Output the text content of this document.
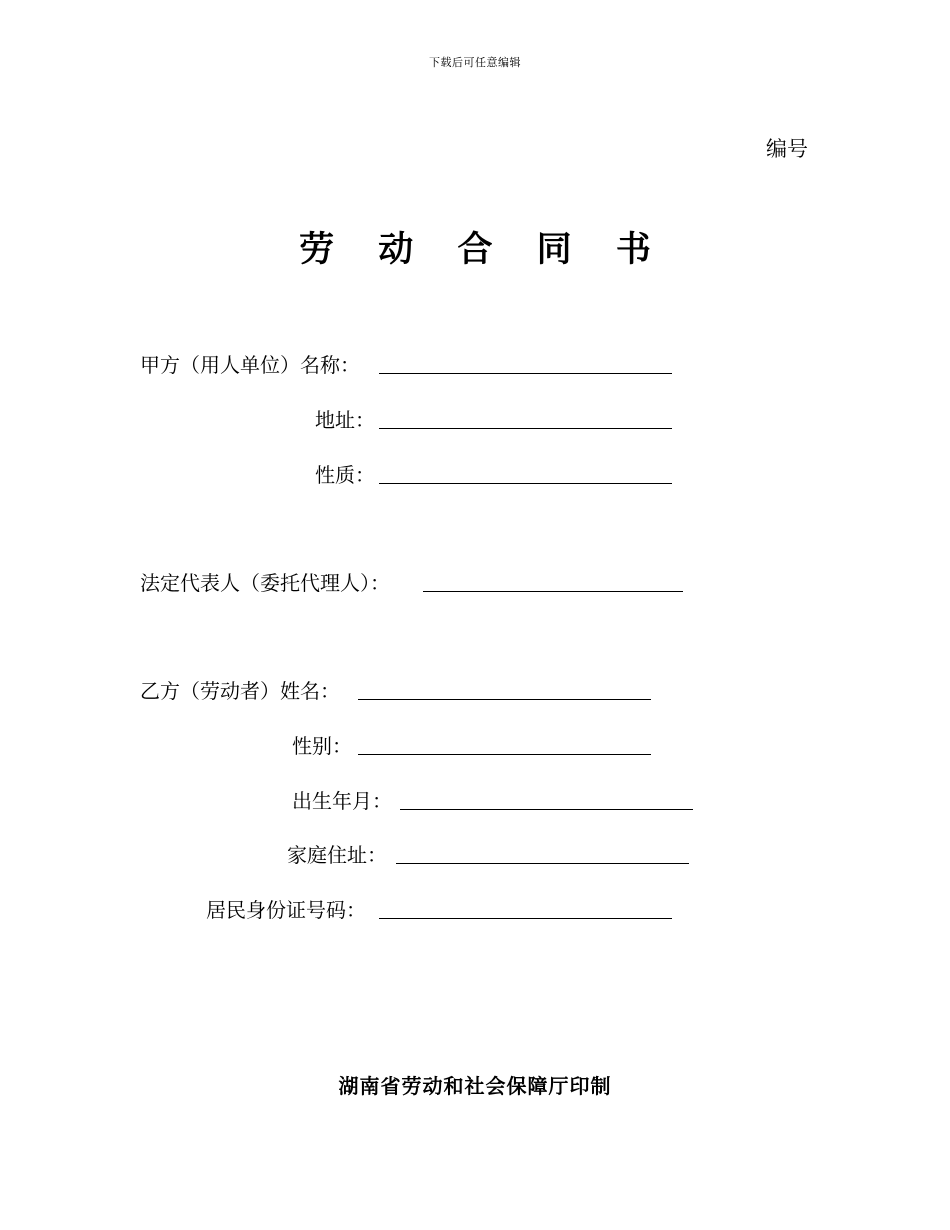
下载后可任意编辑
编号
劳 动 合 同 书
甲方（用人单位）名称：
地址：
性质：
法定代表人（委托代理人）：
乙方（劳动者）姓名：
性别：
出生年月：
家庭住址：
居民身份证号码：
湖南省劳动和社会保障厅印制
